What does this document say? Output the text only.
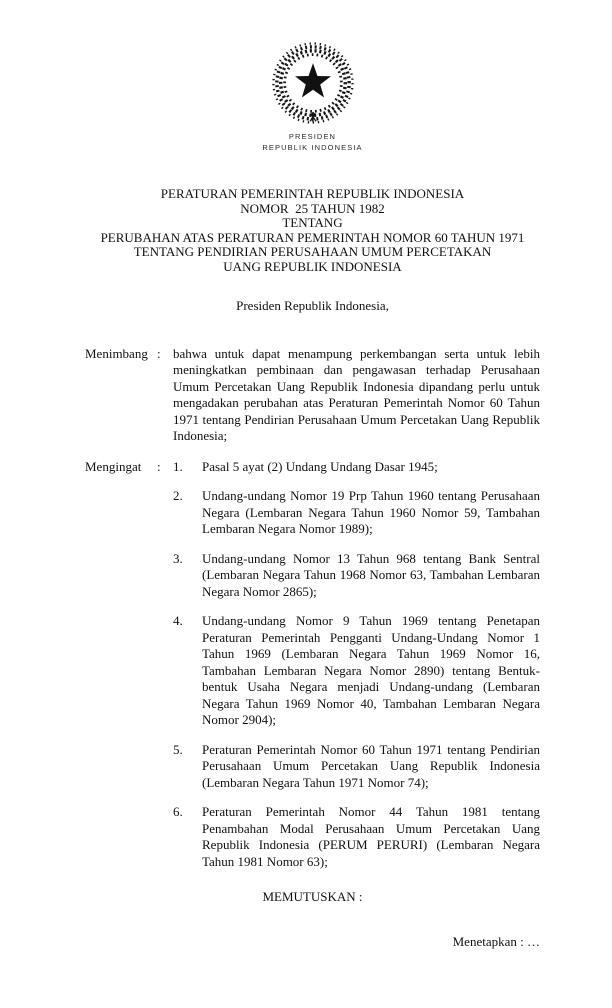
PRESIDEN
REPUBLIK INDONESIA
PERATURAN PEMERINTAH REPUBLIK INDONESIA
NOMOR  25 TAHUN 1982
TENTANG
PERUBAHAN ATAS PERATURAN PEMERINTAH NOMOR 60 TAHUN 1971
TENTANG PENDIRIAN PERUSAHAAN UMUM PERCETAKAN
UANG REPUBLIK INDONESIA
Presiden Republik Indonesia,
Menimbang : bahwa untuk dapat menampung perkembangan serta untuk lebih meningkatkan pembinaan dan pengawasan terhadap Perusahaan Umum Percetakan Uang Republik Indonesia dipandang perlu untuk mengadakan perubahan atas Peraturan Pemerintah Nomor 60 Tahun 1971 tentang Pendirian Perusahaan Umum Percetakan Uang Republik Indonesia;

Mengingat	: 1.	Pasal 5 ayat (2) Undang Undang Dasar 1945;
2.	Undang-undang Nomor 19 Prp Tahun 1960 tentang Perusahaan Negara (Lembaran Negara Tahun 1960 Nomor 59, Tambahan Lembaran Negara Nomor 1989);
3.	Undang-undang Nomor 13 Tahun 968 tentang Bank Sentral (Lembaran Negara Tahun 1968 Nomor 63, Tambahan Lembaran Negara Nomor 2865);
4.	Undang-undang Nomor 9 Tahun 1969 tentang Penetapan Peraturan Pemerintah Pengganti Undang-Undang Nomor 1 Tahun 1969 (Lembaran Negara Tahun 1969 Nomor 16, Tambahan Lembaran Negara Nomor 2890) tentang Bentuk-bentuk Usaha Negara menjadi Undang-undang (Lembaran Negara Tahun 1969 Nomor 40, Tambahan Lembaran Negara Nomor 2904);
5.	Peraturan Pemerintah Nomor 60 Tahun 1971 tentang Pendirian Perusahaan Umum Percetakan Uang Republik Indonesia (Lembaran Negara Tahun 1971 Nomor 74);
6.	Peraturan Pemerintah Nomor 44 Tahun 1981 tentang Penambahan Modal Perusahaan Umum Percetakan Uang Republik Indonesia (PERUM PERURI) (Lembaran Negara Tahun 1981 Nomor 63);
MEMUTUSKAN :
Menetapkan : …
